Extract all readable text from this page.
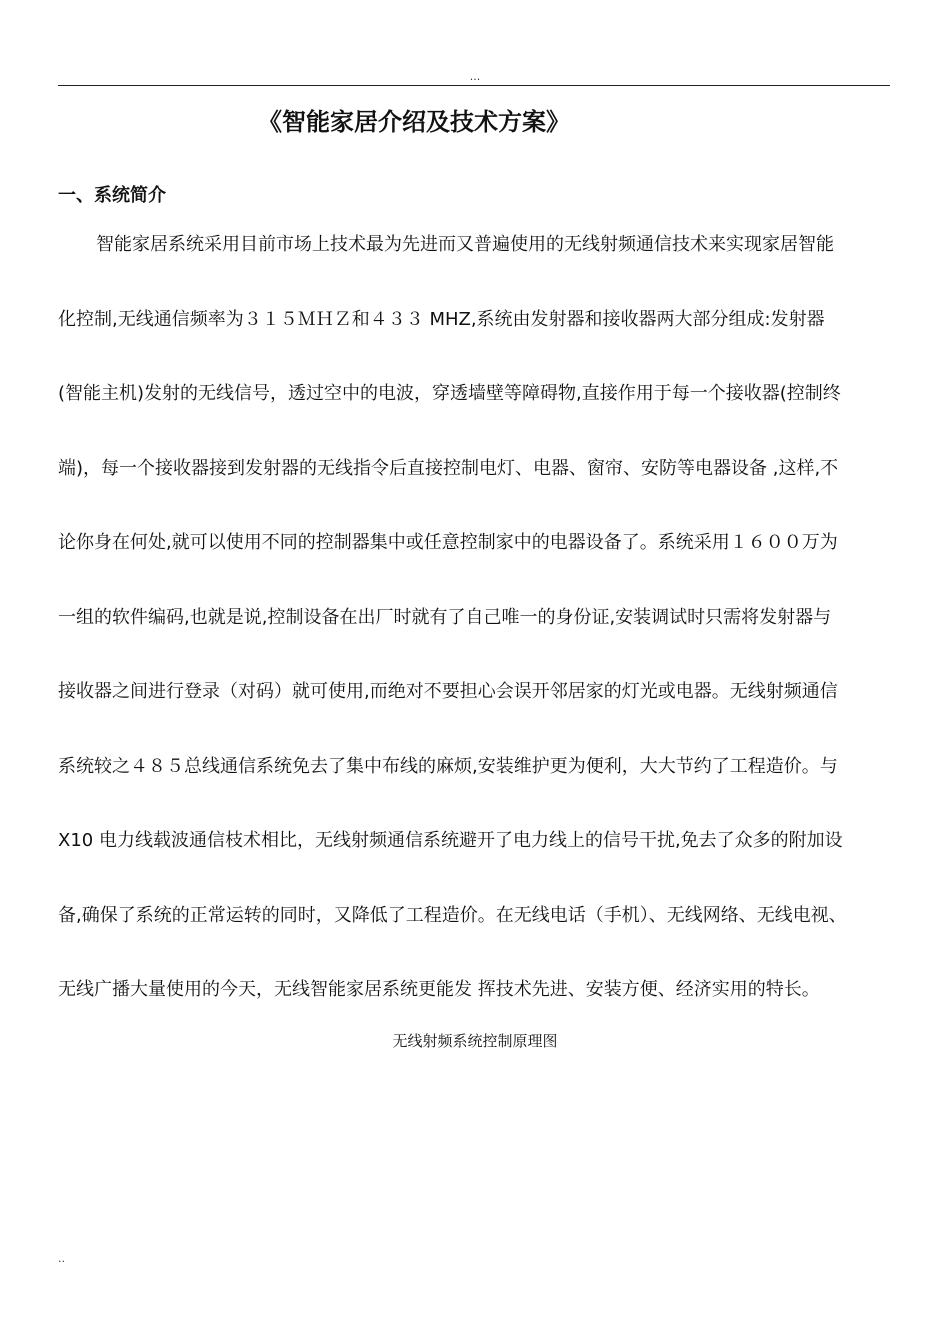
...
《智能家居介绍及技术方案》
一、系统简介

智能家居系统采用目前市场上技术最为先进而又普遍使用的无线射频通信技术来实现家居智能
化控制,无线通信频率为３１５ＭＨＺ和４３３ MHZ,系统由发射器和接收器两大部分组成:发射器
(智能主机)发射的无线信号，透过空中的电波，穿透墙壁等障碍物,直接作用于每一个接收器(控制终
端)，每一个接收器接到发射器的无线指令后直接控制电灯、电器、窗帘、安防等电器设备 ,这样,不
论你身在何处,就可以使用不同的控制器集中或任意控制家中的电器设备了。系统采用１６００万为
一组的软件编码,也就是说,控制设备在出厂时就有了自己唯一的身份证,安装调试时只需将发射器与
接收器之间进行登录（对码）就可使用,而绝对不要担心会误开邻居家的灯光或电器。无线射频通信
系统较之４８５总线通信系统免去了集中布线的麻烦,安装维护更为便利，大大节约了工程造价。与
X10 电力线载波通信枝术相比，无线射频通信系统避开了电力线上的信号干扰,免去了众多的附加设
备,确保了系统的正常运转的同时，又降低了工程造价。在无线电话（手机）、无线网络、无线电视、
无线广播大量使用的今天，无线智能家居系统更能发 挥技术先进、安装方便、经济实用的特长。

无线射频系统控制原理图
..
